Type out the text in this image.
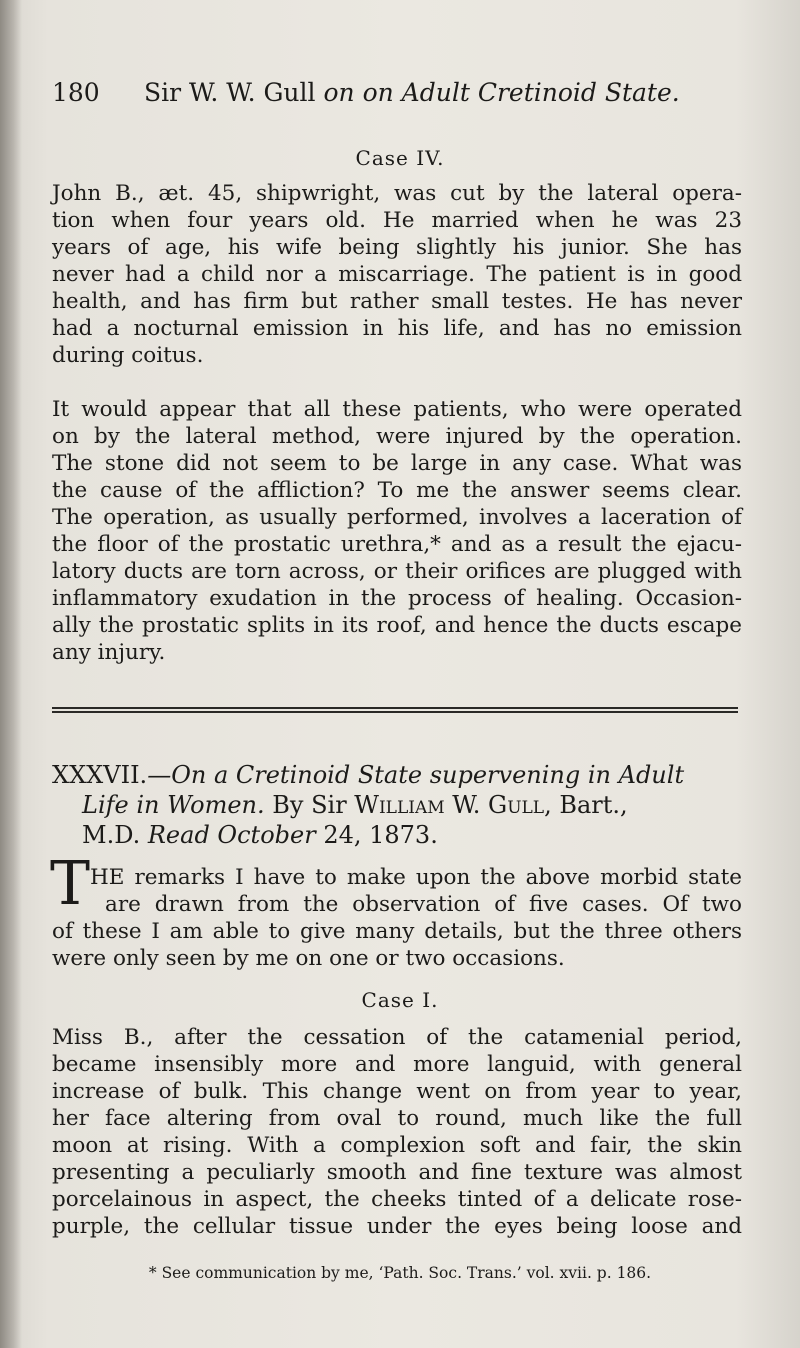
180 Sir W. W. Gull on on Adult Cretinoid State.
Case IV.
John B., æt. 45, shipwright, was cut by the lateral opera-
tion when four years old. He married when he was 23
years of age, his wife being slightly his junior. She has
never had a child nor a miscarriage. The patient is in good
health, and has firm but rather small testes. He has never
had a nocturnal emission in his life, and has no emission
during coitus.
It would appear that all these patients, who were operated
on by the lateral method, were injured by the operation.
The stone did not seem to be large in any case. What was
the cause of the affliction? To me the answer seems clear.
The operation, as usually performed, involves a laceration of
the floor of the prostatic urethra,* and as a result the ejacu-
latory ducts are torn across, or their orifices are plugged with
inflammatory exudation in the process of healing. Occasion-
ally the prostatic splits in its roof, and hence the ducts escape
any injury.
XXXVII.—On a Cretinoid State supervening in Adult
Life in Women. By Sir William W. Gull, Bart.,
M.D. Read October 24, 1873.
T HE remarks I have to make upon the above morbid state
are drawn from the observation of five cases. Of two
of these I am able to give many details, but the three others
were only seen by me on one or two occasions.
Case I.
Miss B., after the cessation of the catamenial period,
became insensibly more and more languid, with general
increase of bulk. This change went on from year to year,
her face altering from oval to round, much like the full
moon at rising. With a complexion soft and fair, the skin
presenting a peculiarly smooth and fine texture was almost
porcelainous in aspect, the cheeks tinted of a delicate rose-
purple, the cellular tissue under the eyes being loose and
* See communication by me, ‘Path. Soc. Trans.’ vol. xvii. p. 186.
